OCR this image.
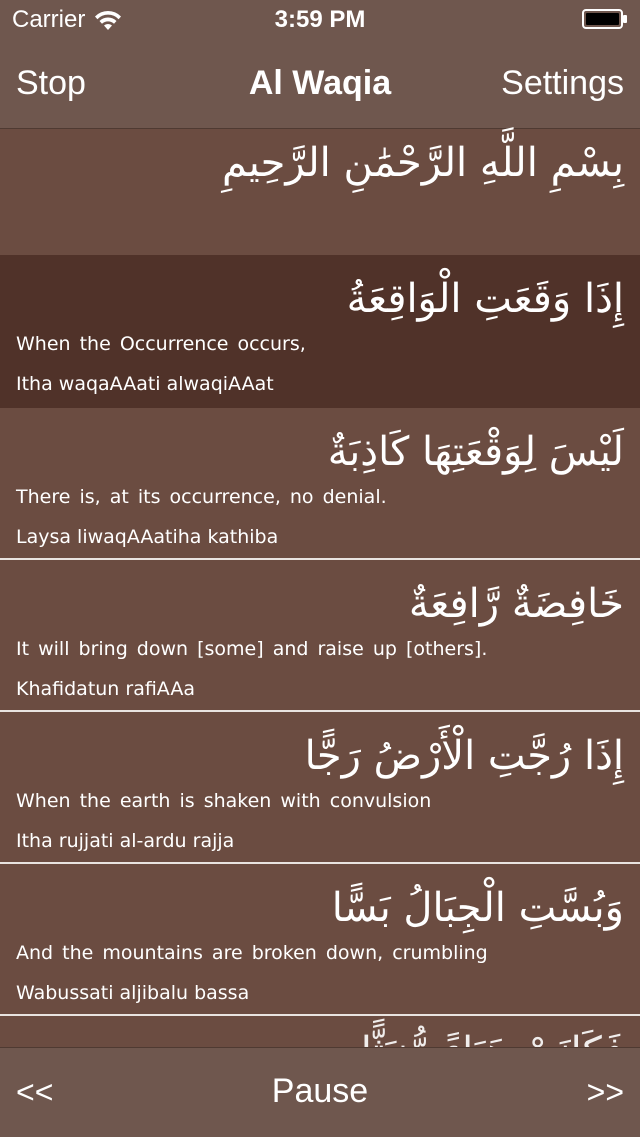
Carrier	3:59 PM
Stop	Al Waqia	Settings
بِسْمِ اللَّهِ الرَّحْمَٰنِ الرَّحِيمِ
إِذَا وَقَعَتِ الْوَاقِعَةُ
When the Occurrence occurs,
Itha waqaAAati alwaqiAAat
لَيْسَ لِوَقْعَتِهَا كَاذِبَةٌ
There is, at its occurrence, no denial.
Laysa liwaqAAatiha kathiba
خَافِضَةٌ رَّافِعَةٌ
It will bring down [some] and raise up [others].
Khafidatun rafiAAa
إِذَا رُجَّتِ الْأَرْضُ رَجًّا
When the earth is shaken with convulsion
Itha rujjati al-ardu rajja
وَبُسَّتِ الْجِبَالُ بَسًّا
And the mountains are broken down, crumbling
Wabussati aljibalu bassa
<<	Pause	>>
